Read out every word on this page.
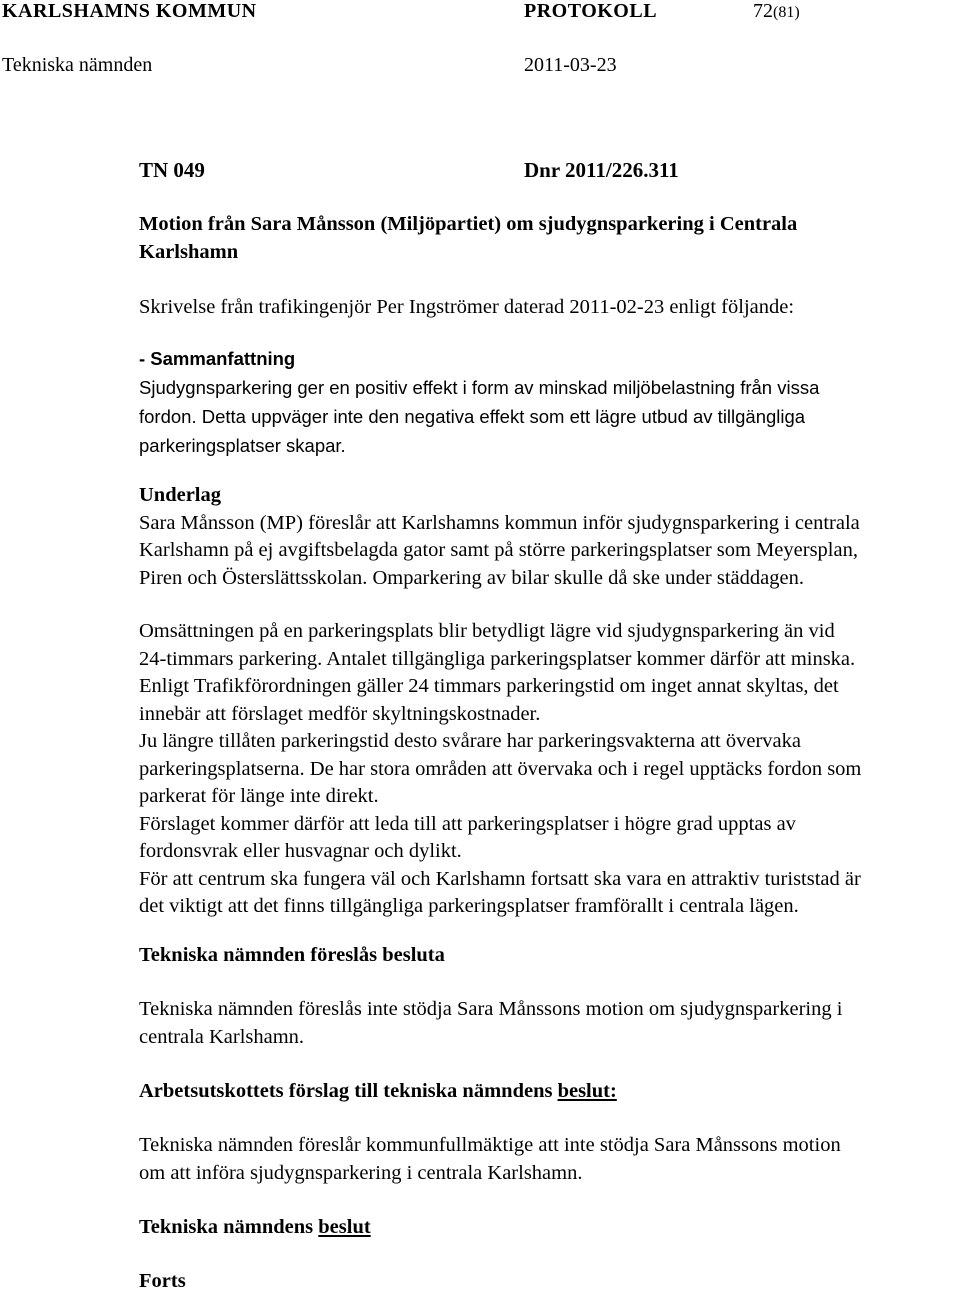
KARLSHAMNS KOMMUN	PROTOKOLL	72(81)
Tekniska nämnden	2011-03-23
TN 049	Dnr 2011/226.311
Motion från Sara Månsson (Miljöpartiet) om sjudygnsparkering i Centrala
Karlshamn
Skrivelse från trafikingenjör Per Ingströmer daterad 2011-02-23 enligt följande:
- Sammanfattning
Sjudygnsparkering ger en positiv effekt i form av minskad miljöbelastning från vissa
fordon. Detta uppväger inte den negativa effekt som ett lägre utbud av tillgängliga
parkeringsplatser skapar.
Underlag
Sara Månsson (MP) föreslår att Karlshamns kommun inför sjudygnsparkering i centrala
Karlshamn på ej avgiftsbelagda gator samt på större parkeringsplatser som Meyersplan,
Piren och Österslättsskolan. Omparkering av bilar skulle då ske under städdagen.
Omsättningen på en parkeringsplats blir betydligt lägre vid sjudygnsparkering än vid
24-timmars parkering. Antalet tillgängliga parkeringsplatser kommer därför att minska.
Enligt Trafikförordningen gäller 24 timmars parkeringstid om inget annat skyltas, det
innebär att förslaget medför skyltningskostnader.
Ju längre tillåten parkeringstid desto svårare har parkeringsvakterna att övervaka
parkeringsplatserna. De har stora områden att övervaka och i regel upptäcks fordon som
parkerat för länge inte direkt.
Förslaget kommer därför att leda till att parkeringsplatser i högre grad upptas av
fordonsvrak eller husvagnar och dylikt.
För att centrum ska fungera väl och Karlshamn fortsatt ska vara en attraktiv turiststad är
det viktigt att det finns tillgängliga parkeringsplatser framförallt i centrala lägen.
Tekniska nämnden föreslås besluta
Tekniska nämnden föreslås inte stödja Sara Månssons motion om sjudygnsparkering i
centrala Karlshamn.
Arbetsutskottets förslag till tekniska nämndens beslut:
Tekniska nämnden föreslår kommunfullmäktige att inte stödja Sara Månssons motion
om att införa sjudygnsparkering i centrala Karlshamn.
Tekniska nämndens beslut
Forts
